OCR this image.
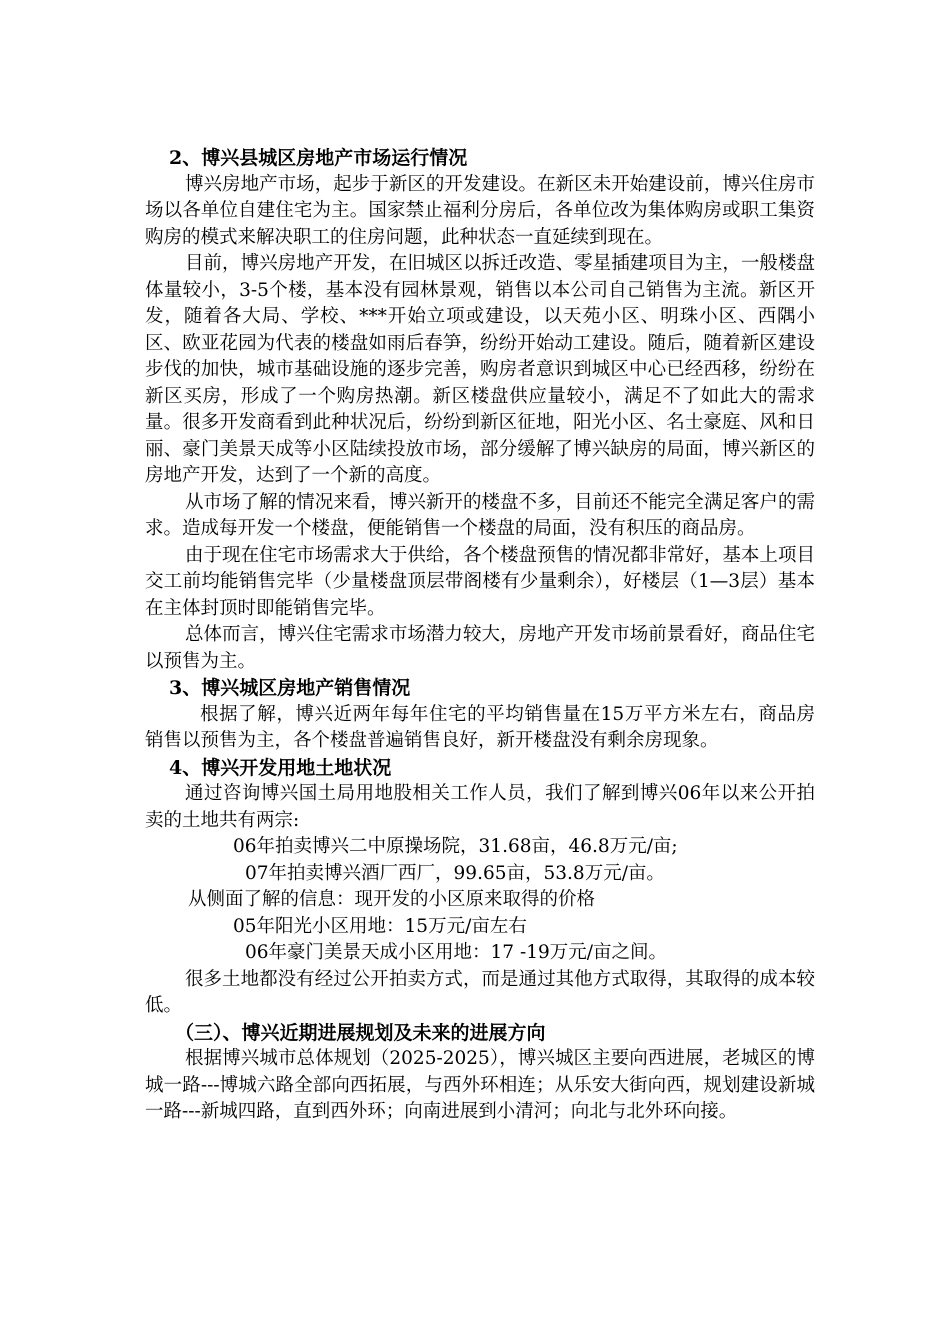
2、博兴县城区房地产市场运行情况

博兴房地产市场，起步于新区的开发建设。在新区未开始建设前，博兴住房市场以各单位自建住宅为主。国家禁止福利分房后，各单位改为集体购房或职工集资购房的模式来解决职工的住房问题，此种状态一直延续到现在。

目前，博兴房地产开发，在旧城区以拆迁改造、零星插建项目为主，一般楼盘体量较小，3-5个楼，基本没有园林景观，销售以本公司自己销售为主流。新区开发，随着各大局、学校、***开始立项或建设，以天苑小区、明珠小区、西隅小区、欧亚花园为代表的楼盘如雨后春笋，纷纷开始动工建设。随后，随着新区建设步伐的加快，城市基础设施的逐步完善，购房者意识到城区中心已经西移，纷纷在新区买房，形成了一个购房热潮。新区楼盘供应量较小，满足不了如此大的需求量。很多开发商看到此种状况后，纷纷到新区征地，阳光小区、名士豪庭、风和日丽、豪门美景天成等小区陆续投放市场，部分缓解了博兴缺房的局面，博兴新区的房地产开发，达到了一个新的高度。

从市场了解的情况来看，博兴新开的楼盘不多，目前还不能完全满足客户的需求。造成每开发一个楼盘，便能销售一个楼盘的局面，没有积压的商品房。

由于现在住宅市场需求大于供给，各个楼盘预售的情况都非常好，基本上项目交工前均能销售完毕（少量楼盘顶层带阁楼有少量剩余），好楼层（1—3层）基本在主体封顶时即能销售完毕。

总体而言，博兴住宅需求市场潜力较大，房地产开发市场前景看好，商品住宅以预售为主。

3、博兴城区房地产销售情况

根据了解，博兴近两年每年住宅的平均销售量在15万平方米左右，商品房销售以预售为主，各个楼盘普遍销售良好，新开楼盘没有剩余房现象。

4、博兴开发用地土地状况

通过咨询博兴国土局用地股相关工作人员，我们了解到博兴06年以来公开拍卖的土地共有两宗:

06年拍卖博兴二中原操场院，31.68亩，46.8万元/亩;

07年拍卖博兴酒厂西厂，99.65亩，53.8万元/亩。

从侧面了解的信息：现开发的小区原来取得的价格

05年阳光小区用地：15万元/亩左右

06年豪门美景天成小区用地：17 -19万元/亩之间。

很多土地都没有经过公开拍卖方式，而是通过其他方式取得，其取得的成本较低。

（三）、博兴近期进展规划及未来的进展方向

根据博兴城市总体规划（2025-2025），博兴城区主要向西进展，老城区的博城一路---博城六路全部向西拓展，与西外环相连；从乐安大街向西，规划建设新城一路---新城四路，直到西外环；向南进展到小清河；向北与北外环向接。
